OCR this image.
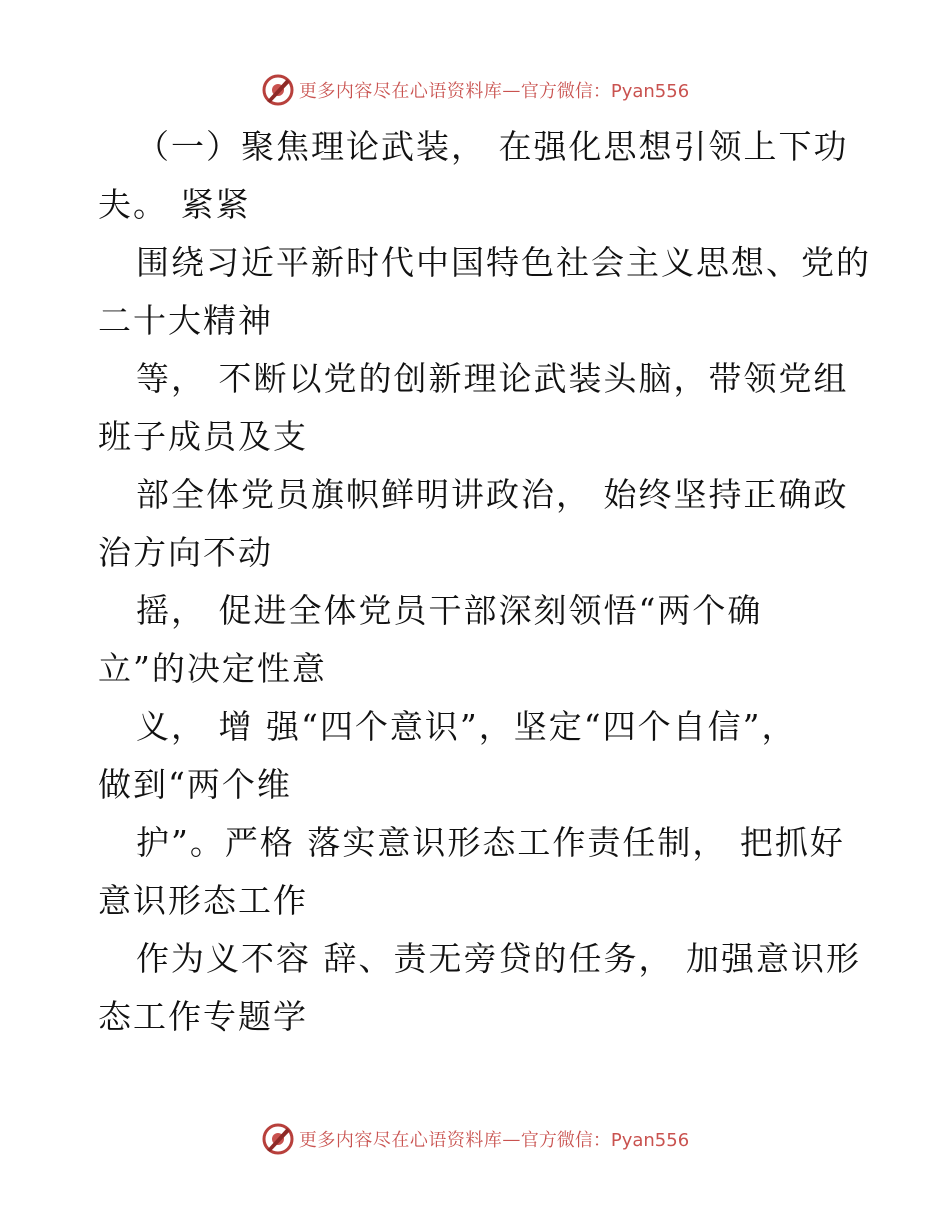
更多内容尽在心语资料库 — 官方微信：Pyan556
（一）聚焦理论武装， 在强化思想引领上下功
夫。 紧紧
围绕习近平新时代中国特色社会主义思想、党的
二十大精神
等， 不断以党的创新理论武装头脑，带领党组
班子成员及支
部全体党员旗帜鲜明讲政治， 始终坚持正确政
治方向不动
摇， 促进全体党员干部深刻领悟“两个确
立”的决定性意
义， 增 强“四个意识”，坚定“四个自信”，
做到“两个维
护”。严格 落实意识形态工作责任制， 把抓好
意识形态工作
作为义不容 辞、责无旁贷的任务， 加强意识形
态工作专题学
更多内容尽在心语资料库 — 官方微信：Pyan556
